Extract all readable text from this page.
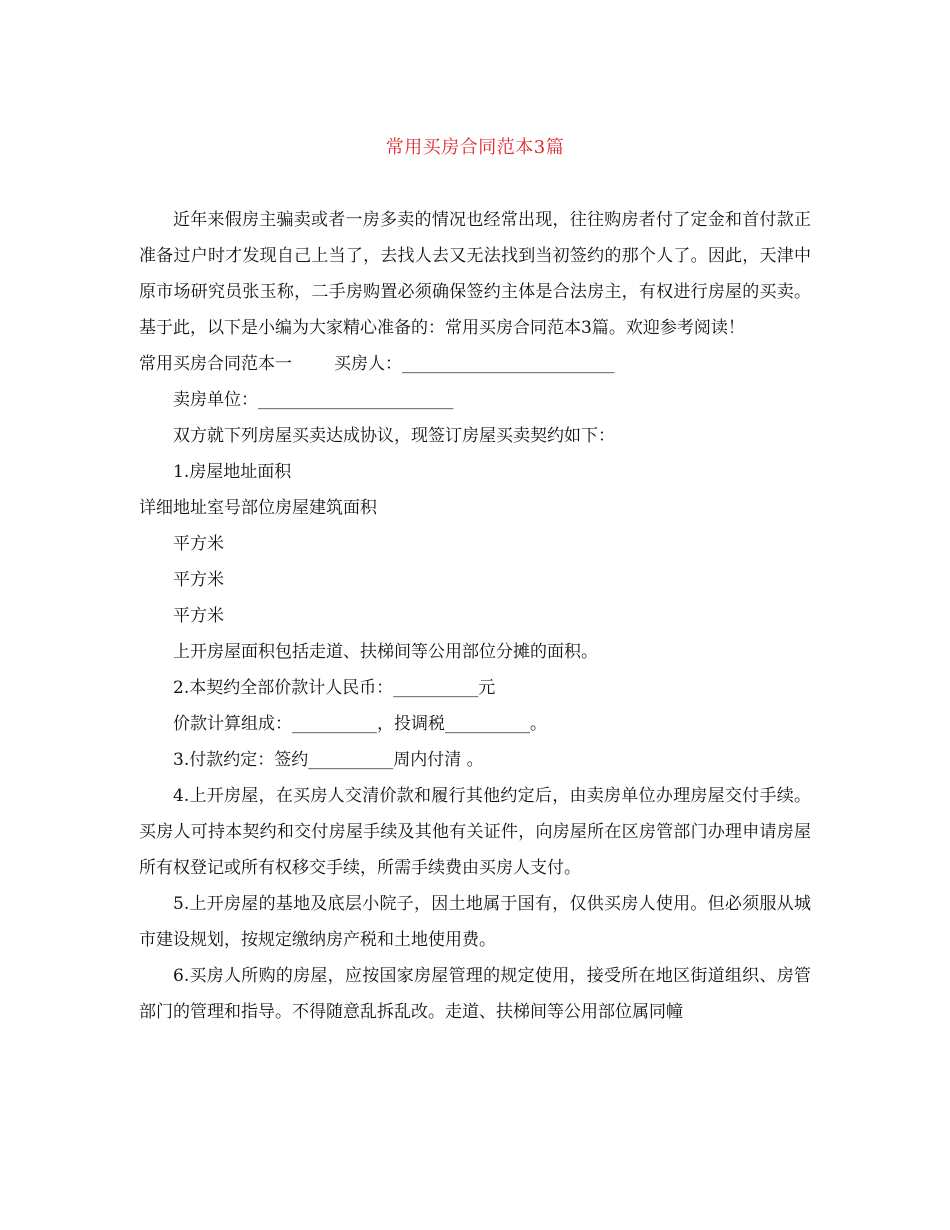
常用买房合同范本3篇

近年来假房主骗卖或者一房多卖的情况也经常出现，往往购房者付了定金和首付款正准备过户时才发现自己上当了，去找人去又无法找到当初签约的那个人了。因此，天津中原市场研究员张玉称，二手房购置必须确保签约主体是合法房主，有权进行房屋的买卖。基于此，以下是小编为大家精心准备的：常用买房合同范本3篇。欢迎参考阅读！

常用买房合同范本一 买房人：_________________________

卖房单位：_______________________

双方就下列房屋买卖达成协议，现签订房屋买卖契约如下：

1.房屋地址面积

详细地址室号部位房屋建筑面积

平方米

平方米

平方米

上开房屋面积包括走道、扶梯间等公用部位分摊的面积。

2.本契约全部价款计人民币：__________元

价款计算组成：__________，投调税__________。

3.付款约定：签约__________周内付清 。

4.上开房屋，在买房人交清价款和履行其他约定后，由卖房单位办理房屋交付手续。买房人可持本契约和交付房屋手续及其他有关证件，向房屋所在区房管部门办理申请房屋所有权登记或所有权移交手续，所需手续费由买房人支付。

5.上开房屋的基地及底层小院子，因土地属于国有，仅供买房人使用。但必须服从城市建设规划，按规定缴纳房产税和土地使用费。

6.买房人所购的房屋，应按国家房屋管理的规定使用，接受所在地区街道组织、房管部门的管理和指导。不得随意乱拆乱改。走道、扶梯间等公用部位属同幢
